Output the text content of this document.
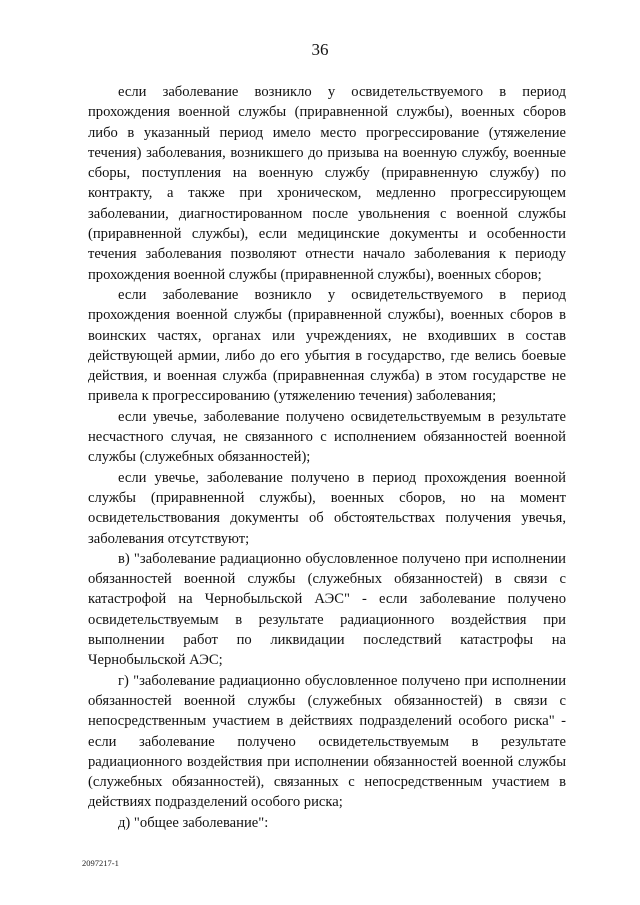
36

если заболевание возникло у освидетельствуемого в период прохождения военной службы (приравненной службы), военных сборов либо в указанный период имело место прогрессирование (утяжеление течения) заболевания, возникшего до призыва на военную службу, военные сборы, поступления на военную службу (приравненную службу) по контракту, а также при хроническом, медленно прогрессирующем заболевании, диагностированном после увольнения с военной службы (приравненной службы), если медицинские документы и особенности течения заболевания позволяют отнести начало заболевания к периоду прохождения военной службы (приравненной службы), военных сборов;

если заболевание возникло у освидетельствуемого в период прохождения военной службы (приравненной службы), военных сборов в воинских частях, органах или учреждениях, не входивших в состав действующей армии, либо до его убытия в государство, где велись боевые действия, и военная служба (приравненная служба) в этом государстве не привела к прогрессированию (утяжелению течения) заболевания;

если увечье, заболевание получено освидетельствуемым в результате несчастного случая, не связанного с исполнением обязанностей военной службы (служебных обязанностей);

если увечье, заболевание получено в период прохождения военной службы (приравненной службы), военных сборов, но на момент освидетельствования документы об обстоятельствах получения увечья, заболевания отсутствуют;

в) "заболевание радиационно обусловленное получено при исполнении обязанностей военной службы (служебных обязанностей) в связи с катастрофой на Чернобыльской АЭС" - если заболевание получено освидетельствуемым в результате радиационного воздействия при выполнении работ по ликвидации последствий катастрофы на Чернобыльской АЭС;

г) "заболевание радиационно обусловленное получено при исполнении обязанностей военной службы (служебных обязанностей) в связи с непосредственным участием в действиях подразделений особого риска" - если заболевание получено освидетельствуемым в результате радиационного воздействия при исполнении обязанностей военной службы (служебных обязанностей), связанных с непосредственным участием в действиях подразделений особого риска;

д) "общее заболевание":

2097217-1
